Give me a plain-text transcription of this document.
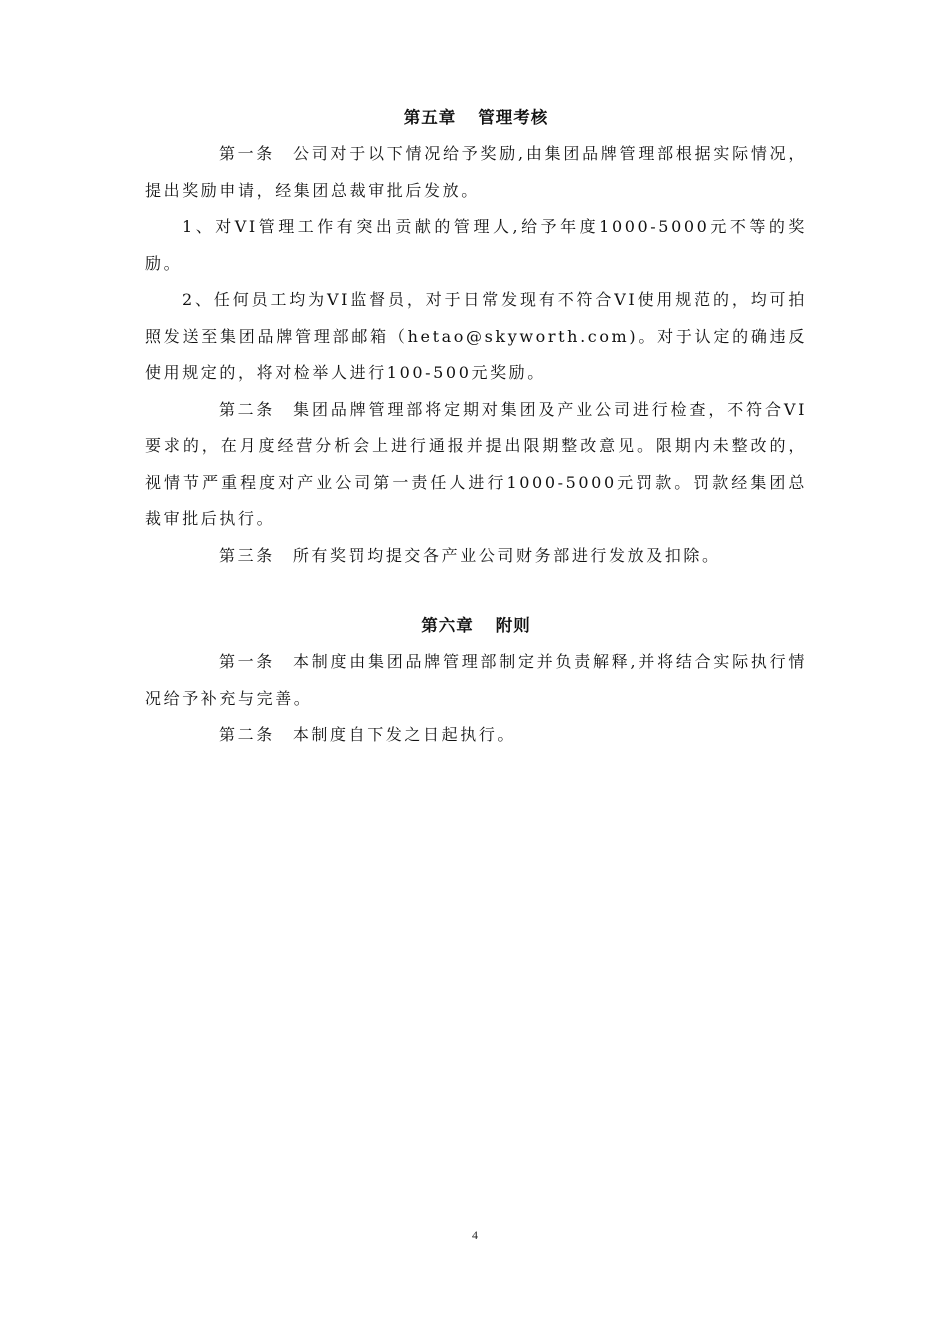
第五章 管理考核

第一条 公司对于以下情况给予奖励,由集团品牌管理部根据实际情况，提出奖励申请，经集团总裁审批后发放。

1、对VI管理工作有突出贡献的管理人,给予年度1000-5000元不等的奖励。

2、任何员工均为VI监督员，对于日常发现有不符合VI使用规范的，均可拍照发送至集团品牌管理部邮箱（hetao@skyworth.com)。对于认定的确违反使用规定的，将对检举人进行100-500元奖励。

第二条 集团品牌管理部将定期对集团及产业公司进行检查，不符合VI要求的，在月度经营分析会上进行通报并提出限期整改意见。限期内未整改的，视情节严重程度对产业公司第一责任人进行1000-5000元罚款。罚款经集团总裁审批后执行。

第三条 所有奖罚均提交各产业公司财务部进行发放及扣除。

第六章 附则

第一条 本制度由集团品牌管理部制定并负责解释,并将结合实际执行情况给予补充与完善。

第二条 本制度自下发之日起执行。

4
